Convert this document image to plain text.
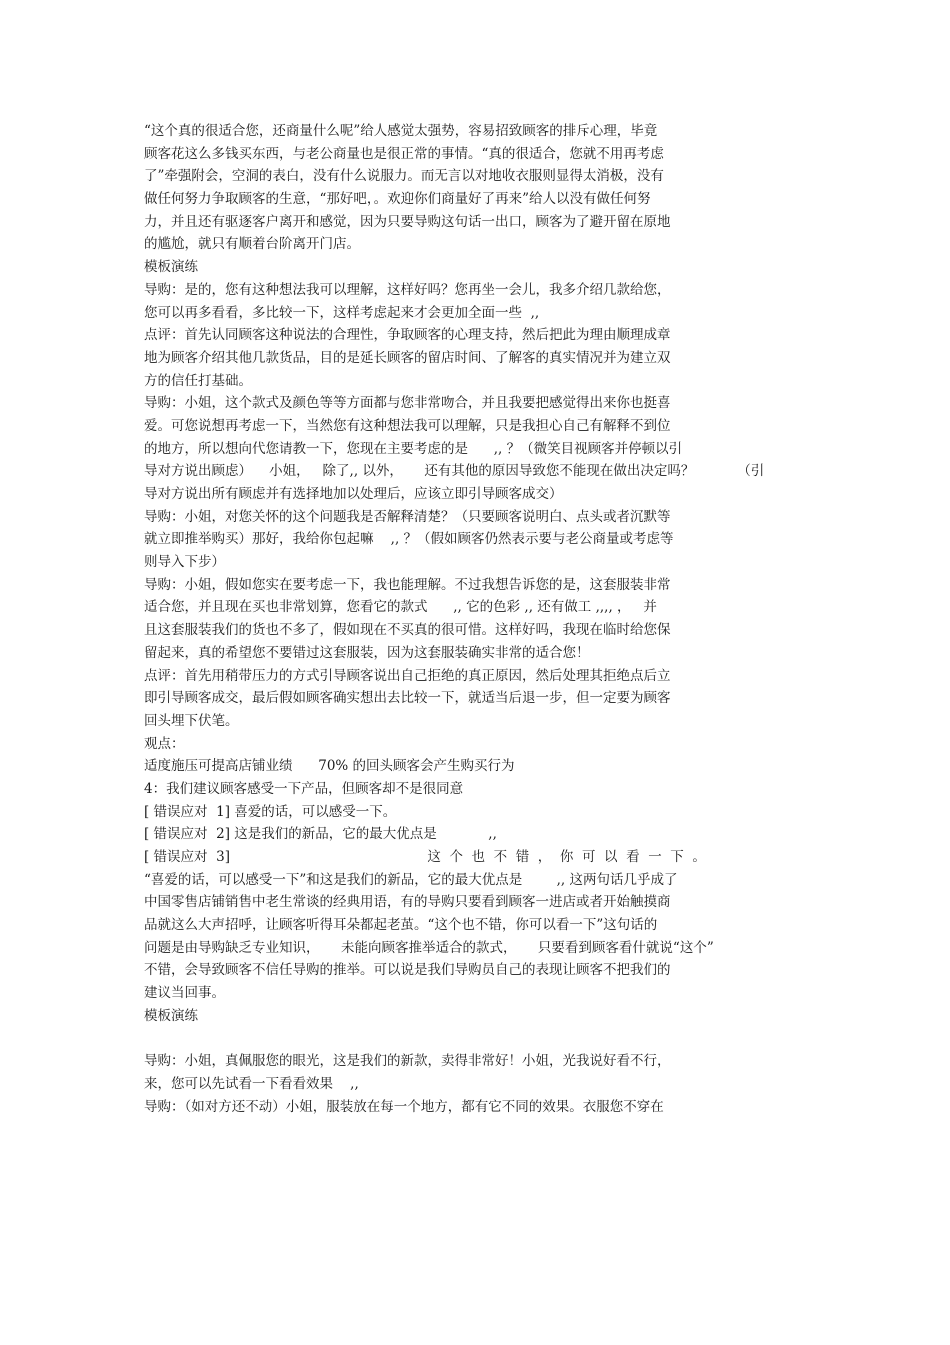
“这个真的很适合您，还商量什么呢”给人感觉太强势，容易招致顾客的排斥心理，毕竟
顾客花这么多钱买东西，与老公商量也是很正常的事情。“真的很适合，您就不用再考虑
了”牵强附会，空洞的表白，没有什么说服力。而无言以对地收衣服则显得太消极，没有
做任何努力争取顾客的生意，“那好吧，。欢迎你们商量好了再来”给人以没有做任何努
力，并且还有驱逐客户离开和感觉，因为只要导购这句话一出口，顾客为了避开留在原地
的尴尬，就只有顺着台阶离开门店。
模板演练
导购：是的，您有这种想法我可以理解，这样好吗？您再坐一会儿，我多介绍几款给您，
您可以再多看看，多比较一下，这样考虑起来才会更加全面一些  ,,
点评：首先认同顾客这种说法的合理性，争取顾客的心理支持，然后把此为理由顺理成章
地为顾客介绍其他几款货品，目的是延长顾客的留店时间、了解客的真实情况并为建立双
方的信任打基础。
导购：小姐，这个款式及颜色等等方面都与您非常吻合，并且我要把感觉得出来你也挺喜
爱。可您说想再考虑一下，当然您有这种想法我可以理解，只是我担心自己有解释不到位
的地方，所以想向代您请教一下，您现在主要考虑的是      ,, ？（微笑目视顾客并停顿以引
导对方说出顾虑）    小姐，   除了,, 以外，     还有其他的原因导致您不能现在做出决定吗？          （引
导对方说出所有顾虑并有选择地加以处理后，应该立即引导顾客成交）
导购：小姐，对您关怀的这个问题我是否解释清楚？（只要顾客说明白、点头或者沉默等
就立即推举购买）那好，我给你包起嘛    ,, ？（假如顾客仍然表示要与老公商量或考虑等
则导入下步）
导购：小姐，假如您实在要考虑一下，我也能理解。不过我想告诉您的是，这套服装非常
适合您，并且现在买也非常划算，您看它的款式      ,, 它的色彩 ,, 还有做工 ,,,, ，   并
且这套服装我们的货也不多了，假如现在不买真的很可惜。这样好吗，我现在临时给您保
留起来，真的希望您不要错过这套服装，因为这套服装确实非常的适合您！
点评：首先用稍带压力的方式引导顾客说出自己拒绝的真正原因，然后处理其拒绝点后立
即引导顾客成交，最后假如顾客确实想出去比较一下，就适当后退一步，但一定要为顾客
回头埋下伏笔。
观点：
适度施压可提高店铺业绩      70% 的回头顾客会产生购买行为
4：我们建议顾客感受一下产品，但顾客却不是很同意
[ 错误应对  1] 喜爱的话，可以感受一下。
[ 错误应对  2] 这是我们的新品，它的最大优点是            ,,
[ 错误应对  3]                                              这  个  也  不  错  ，  你  可  以  看  一  下  。
“喜爱的话，可以感受一下”和这是我们的新品，它的最大优点是        ,, 这两句话几乎成了
中国零售店铺销售中老生常谈的经典用语，有的导购只要看到顾客一进店或者开始触摸商
品就这么大声招呼，让顾客听得耳朵都起老茧。“这个也不错，你可以看一下”这句话的
问题是由导购缺乏专业知识，     未能向顾客推举适合的款式，     只要看到顾客看什就说“这个”
不错，会导致顾客不信任导购的推举。可以说是我们导购员自己的表现让顾客不把我们的
建议当回事。
模板演练
导购：小姐，真佩服您的眼光，这是我们的新款，卖得非常好！小姐，光我说好看不行，
来，您可以先试看一下看看效果    ,,
导购：（如对方还不动）小姐，服装放在每一个地方，都有它不同的效果。衣服您不穿在
